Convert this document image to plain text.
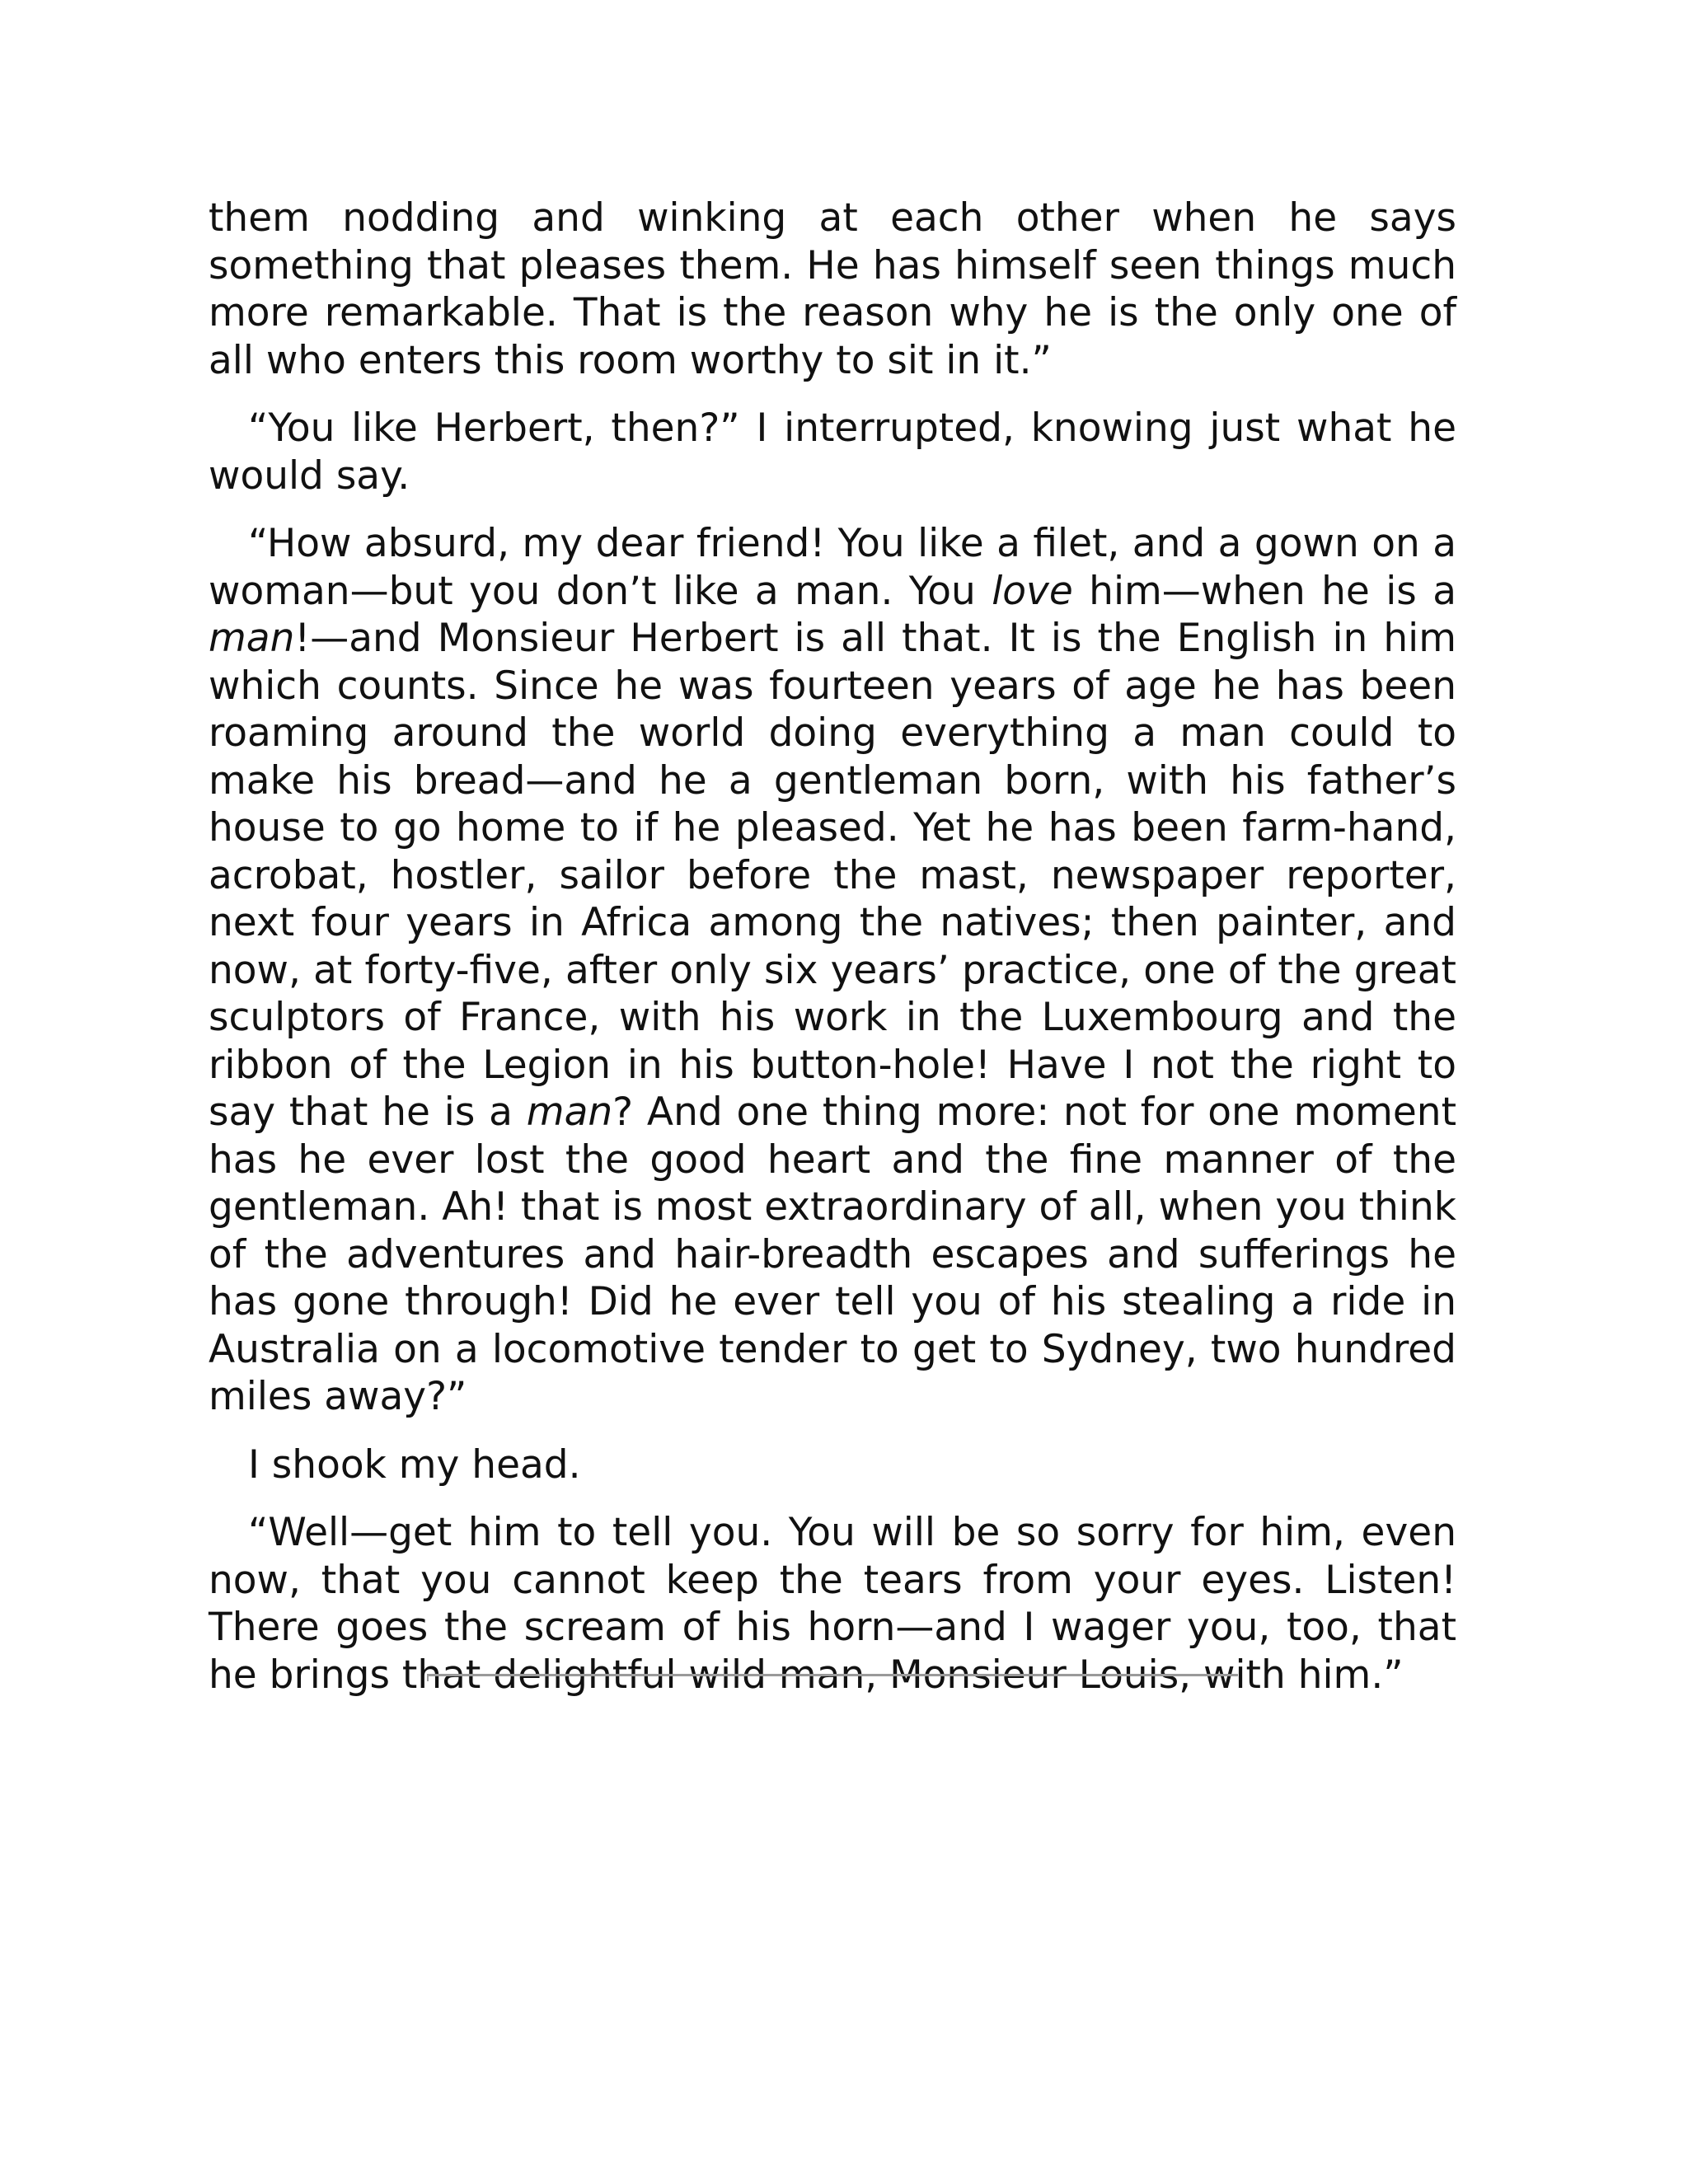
them nodding and winking at each other when he says something that pleases them. He has himself seen things much more remarkable. That is the reason why he is the only one of all who enters this room worthy to sit in it.”

“You like Herbert, then?” I interrupted, knowing just what he would say.

“How absurd, my dear friend! You like a filet, and a gown on a woman—but you don’t like a man. You love him—when he is a man!—and Monsieur Herbert is all that. It is the English in him which counts. Since he was fourteen years of age he has been roaming around the world doing everything a man could to make his bread—and he a gentleman born, with his father’s house to go home to if he pleased. Yet he has been farm-hand, acrobat, hostler, sailor before the mast, newspaper reporter, next four years in Africa among the natives; then painter, and now, at forty-five, after only six years’ practice, one of the great sculptors of France, with his work in the Luxembourg and the ribbon of the Legion in his button-hole! Have I not the right to say that he is a man? And one thing more: not for one moment has he ever lost the good heart and the fine manner of the gentleman. Ah! that is most extraordinary of all, when you think of the adventures and hair-breadth escapes and sufferings he has gone through! Did he ever tell you of his stealing a ride in Australia on a locomotive tender to get to Sydney, two hundred miles away?”

I shook my head.

“Well—get him to tell you. You will be so sorry for him, even now, that you cannot keep the tears from your eyes. Listen! There goes the scream of his horn—and I wager you, too, that he brings that delightful wild man, Monsieur Louis, with him.”
